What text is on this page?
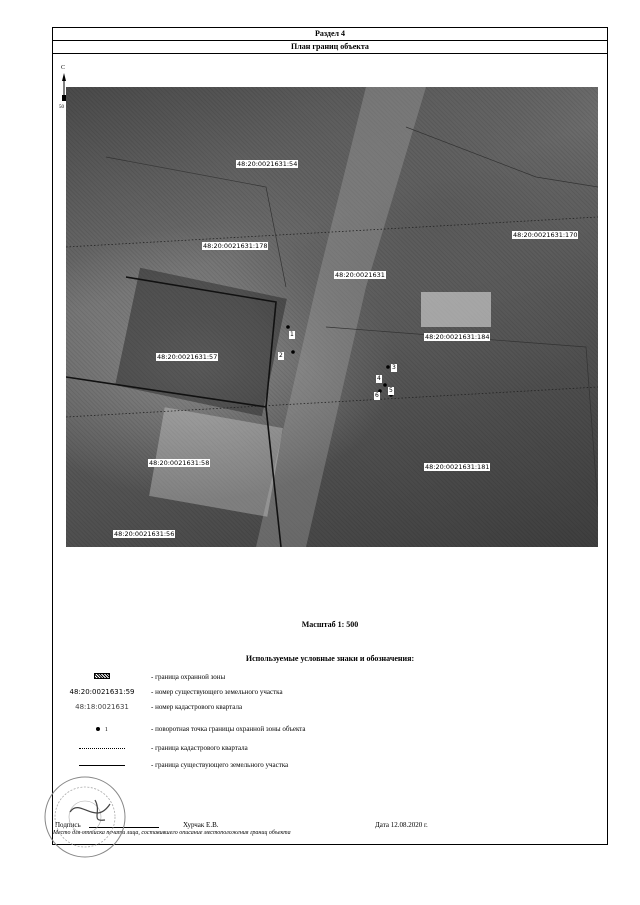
Раздел 4
План границ объекта
С
50
48:20:0021631:54
48:20:0021631:178
48:20:0021631:170
48:20:0021631
48:20:0021631:184
48:20:0021631:57
48:20:0021631:58	48:20:0021631:181
48:20:0021631:56
1
2
3
4
5
6
Масштаб 1: 500
Используемые условные знаки и обозначения:
- граница охранной зоны
48:20:0021631:59	- номер существующего земельного участка
48:18:0021631	- номер кадастрового квартала
1	- поворотная точка границы охранной зоны объекта
- граница кадастрового квартала
- граница существующего земельного участка
Подпись	Хурчак Е.В.	Дата 12.08.2020 г.
Место для оттиска печати лица, составившего описание местоположения границ объекта
